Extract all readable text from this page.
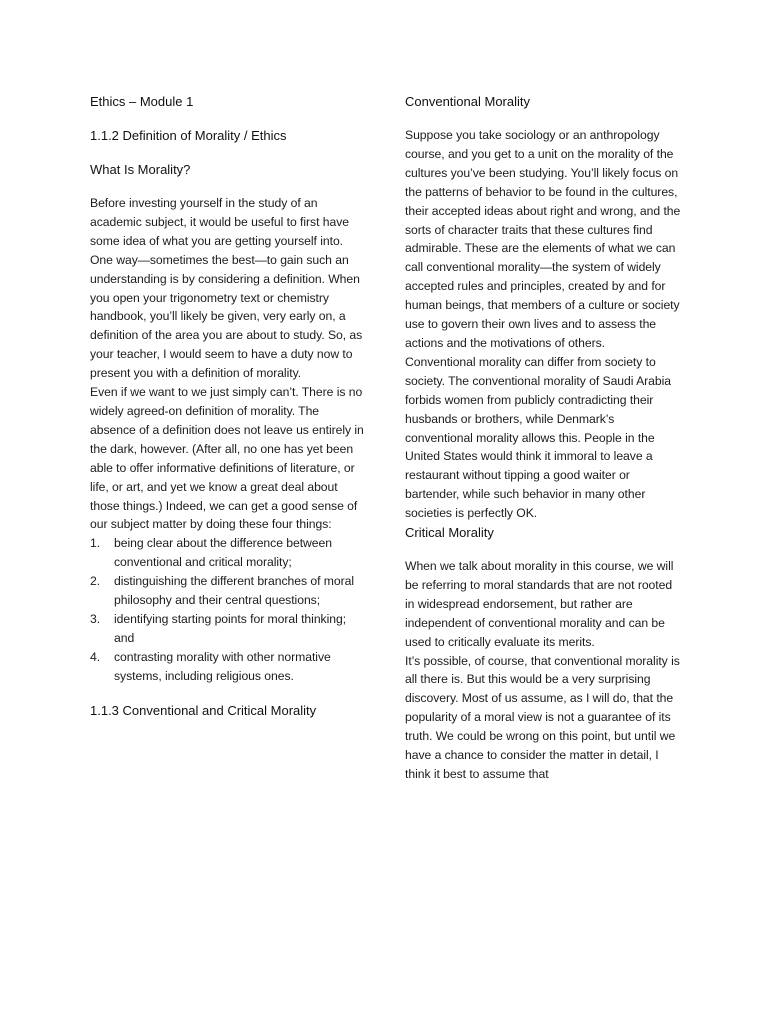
Ethics – Module 1
1.1.2 Definition of Morality / Ethics
What Is Morality?

Before investing yourself in the study of an academic subject, it would be useful to first have some idea of what you are getting yourself into. One way—sometimes the best—to gain such an understanding is by considering a definition. When you open your trigonometry text or chemistry handbook, you’ll likely be given, very early on, a definition of the area you are about to study. So, as your teacher, I would seem to have a duty now to present you with a definition of morality.

Even if we want to we just simply can’t. There is no widely agreed-on definition of morality. The absence of a definition does not leave us entirely in the dark, however. (After all, no one has yet been able to offer informative definitions of literature, or life, or art, and yet we know a great deal about those things.) Indeed, we can get a good sense of our subject matter by doing these four things:

1.	being clear about the difference between conventional and critical morality;
2.	distinguishing the different branches of moral philosophy and their central questions;
3.	identifying starting points for moral thinking; and
4.	contrasting morality with other normative systems, including religious ones.
1.1.3 Conventional and Critical Morality
Conventional Morality

Suppose you take sociology or an anthropology course, and you get to a unit on the morality of the cultures you’ve been studying. You’ll likely focus on the patterns of behavior to be found in the cultures, their accepted ideas about right and wrong, and the sorts of character traits that these cultures find admirable. These are the elements of what we can call conventional morality—the system of widely accepted rules and principles, created by and for human beings, that members of a culture or society use to govern their own lives and to assess the actions and the motivations of others.

Conventional morality can differ from society to society. The conventional morality of Saudi Arabia forbids women from publicly contradicting their husbands or brothers, while Denmark’s conventional morality allows this. People in the United States would think it immoral to leave a restaurant without tipping a good waiter or bartender, while such behavior in many other societies is perfectly OK.

Critical Morality

When we talk about morality in this course, we will be referring to moral standards that are not rooted in widespread endorsement, but rather are independent of conventional morality and can be used to critically evaluate its merits.

It’s possible, of course, that conventional morality is all there is. But this would be a very surprising discovery. Most of us assume, as I will do, that the popularity of a moral view is not a guarantee of its truth. We could be wrong on this point, but until we have a chance to consider the matter in detail, I think it best to assume that
